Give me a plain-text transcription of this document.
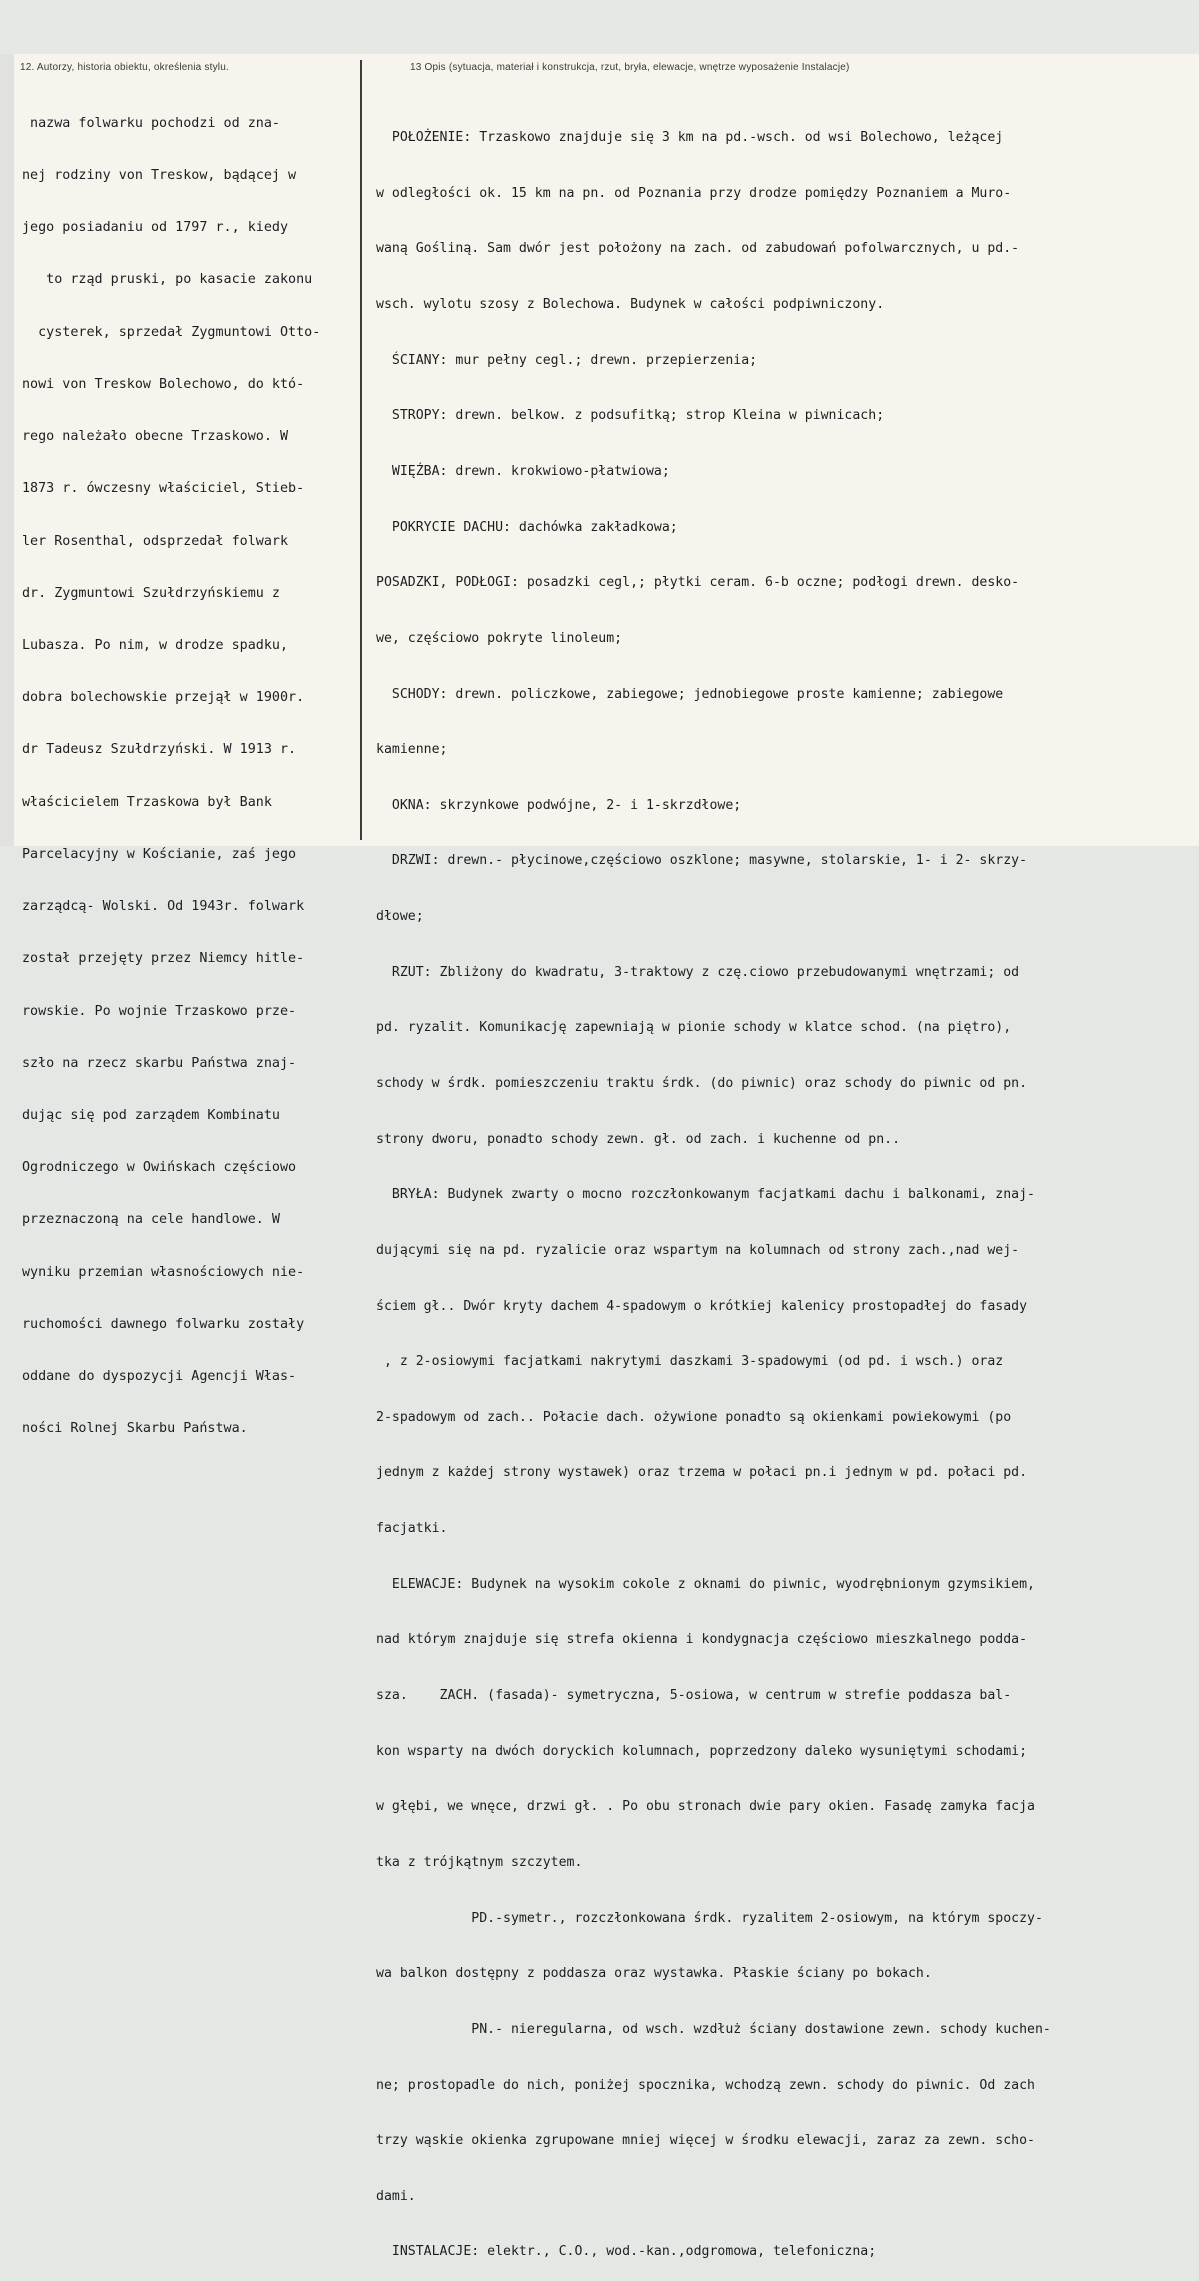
12. Autorzy, historia obiektu, określenia stylu.	13 Opis (sytuacja, materiał i konstrukcja, rzut, bryła, elewacje, wnętrze wyposażenie Instalacje)

nazwa folwarku pochodzi od zna-

nej rodziny von Treskow, bądącej w

jego posiadaniu od 1797 r., kiedy

to rząd pruski, po kasacie zakonu

cysterek, sprzedał Zygmuntowi Otto-

nowi von Treskow Bolechowo, do któ-

rego należało obecne Trzaskowo. W

1873 r. ówczesny właściciel, Stieb-

ler Rosenthal, odsprzedał folwark

dr. Zygmuntowi Szułdrzyńskiemu z

Lubasza. Po nim, w drodze spadku,

dobra bolechowskie przejął w 1900r.

dr Tadeusz Szułdrzyński. W 1913 r.

właścicielem Trzaskowa był Bank

Parcelacyjny w Kościanie, zaś jego

zarządcą- Wolski. Od 1943r. folwark

został przejęty przez Niemcy hitle-

rowskie. Po wojnie Trzaskowo prze-

szło na rzecz skarbu Państwa znaj-

dując się pod zarządem Kombinatu

Ogrodniczego w Owińskach częściowo

przeznaczoną na cele handlowe. W

wyniku przemian własnościowych nie-

ruchomości dawnego folwarku zostały

oddane do dyspozycji Agencji Włas-

ności Rolnej Skarbu Państwa.

POŁOŻENIE: Trzaskowo znajduje się 3 km na pd.-wsch. od wsi Bolechowo, leżącej

w odległości ok. 15 km na pn. od Poznania przy drodze pomiędzy Poznaniem a Muro-

waną Gośliną. Sam dwór jest położony na zach. od zabudowań pofolwarcznych, u pd.-

wsch. wylotu szosy z Bolechowa. Budynek w całości podpiwniczony.

ŚCIANY: mur pełny cegl.; drewn. przepierzenia;

STROPY: drewn. belkow. z podsufitką; strop Kleina w piwnicach;

WIĘŹBA: drewn. krokwiowo-płatwiowa;

POKRYCIE DACHU: dachówka zakładkowa;

POSADZKI, PODŁOGI: posadzki cegl,; płytki ceram. 6-b oczne; podłogi drewn. desko-

we, częściowo pokryte linoleum;

SCHODY: drewn. policzkowe, zabiegowe; jednobiegowe proste kamienne; zabiegowe

kamienne;

OKNA: skrzynkowe podwójne, 2- i 1-skrzdłowe;

DRZWI: drewn.- płycinowe,częściowo oszklone; masywne, stolarskie, 1- i 2- skrzy-

dłowe;

RZUT: Zbliżony do kwadratu, 3-traktowy z czę.ciowo przebudowanymi wnętrzami; od

pd. ryzalit. Komunikację zapewniają w pionie schody w klatce schod. (na piętro),

schody w śrdk. pomieszczeniu traktu śrdk. (do piwnic) oraz schody do piwnic od pn.

strony dworu, ponadto schody zewn. gł. od zach. i kuchenne od pn..

BRYŁA: Budynek zwarty o mocno rozczłonkowanym facjatkami dachu i balkonami, znaj-

dującymi się na pd. ryzalicie oraz wspartym na kolumnach od strony zach.,nad wej-

ściem gł.. Dwór kryty dachem 4-spadowym o krótkiej kalenicy prostopadłej do fasady

, z 2-osiowymi facjatkami nakrytymi daszkami 3-spadowymi (od pd. i wsch.) oraz

2-spadowym od zach.. Połacie dach. ożywione ponadto są okienkami powiekowymi (po

jednym z każdej strony wystawek) oraz trzema w połaci pn.i jednym w pd. połaci pd.

facjatki.

ELEWACJE: Budynek na wysokim cokole z oknami do piwnic, wyodrębnionym gzymsikiem,

nad którym znajduje się strefa okienna i kondygnacja częściowo mieszkalnego podda-

sza.    ZACH. (fasada)- symetryczna, 5-osiowa, w centrum w strefie poddasza bal-

kon wsparty na dwóch doryckich kolumnach, poprzedzony daleko wysuniętymi schodami;

w głębi, we wnęce, drzwi gł. . Po obu stronach dwie pary okien. Fasadę zamyka facja

tka z trójkątnym szczytem.

PD.-symetr., rozczłonkowana śrdk. ryzalitem 2-osiowym, na którym spoczy-

wa balkon dostępny z poddasza oraz wystawka. Płaskie ściany po bokach.

PN.- nieregularna, od wsch. wzdłuż ściany dostawione zewn. schody kuchen-

ne; prostopadle do nich, poniżej spocznika, wchodzą zewn. schody do piwnic. Od zach

trzy wąskie okienka zgrupowane mniej więcej w środku elewacji, zaraz za zewn. scho-

dami.

INSTALACJE: elektr., C.O., wod.-kan.,odgromowa, telefoniczna;
